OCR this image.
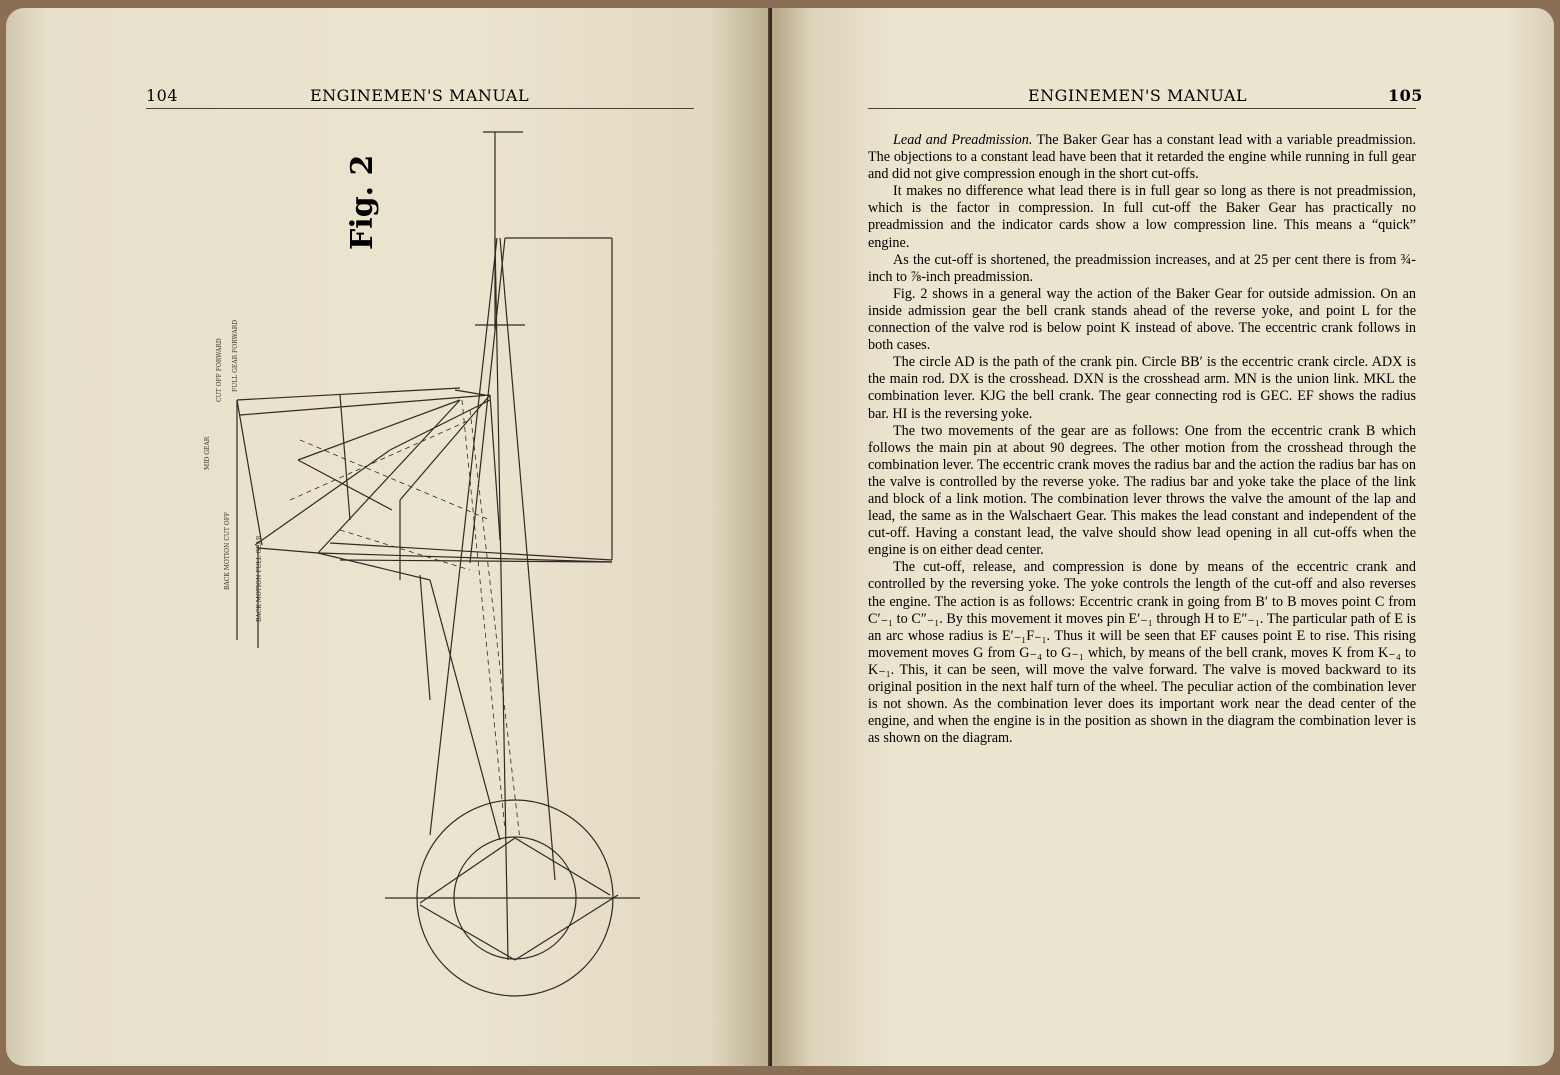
104	ENGINEMEN'S MANUAL
Fig. 2
CUT OFF FORWARD FULL GEAR FORWARD
MID GEAR
BACK MOTION CUT OFF	BACK MOTION FULL GEAR
ENGINEMEN'S MANUAL	105

Lead and Preadmission. The Baker Gear has a constant lead with a variable preadmission. The objections to a constant lead have been that it retarded the engine while running in full gear and did not give compression enough in the short cut-offs.

It makes no difference what lead there is in full gear so long as there is not preadmission, which is the factor in compression. In full cut-off the Baker Gear has practically no preadmission and the indicator cards show a low compression line. This means a “quick” engine.

As the cut-off is shortened, the preadmission increases, and at 25 per cent there is from ¾-inch to ⅞-inch preadmission.

Fig. 2 shows in a general way the action of the Baker Gear for outside admission. On an inside admission gear the bell crank stands ahead of the reverse yoke, and point L for the connection of the valve rod is below point K instead of above. The eccentric crank follows in both cases.

The circle AD is the path of the crank pin. Circle BB′ is the eccentric crank circle. ADX is the main rod. DX is the crosshead. DXN is the crosshead arm. MN is the union link. MKL the combination lever. KJG the bell crank. The gear connecting rod is GEC. EF shows the radius bar. HI is the reversing yoke.

The two movements of the gear are as follows: One from the eccentric crank B which follows the main pin at about 90 degrees. The other motion from the crosshead through the combination lever. The eccentric crank moves the radius bar and the action the radius bar has on the valve is controlled by the reverse yoke. The radius bar and yoke take the place of the link and block of a link motion. The combination lever throws the valve the amount of the lap and lead, the same as in the Walschaert Gear. This makes the lead constant and independent of the cut-off. Having a constant lead, the valve should show lead opening in all cut-offs when the engine is on either dead center.

The cut-off, release, and compression is done by means of the eccentric crank and controlled by the reversing yoke. The yoke controls the length of the cut-off and also reverses the engine. The action is as follows: Eccentric crank in going from B′ to B moves point C from C′₋₁ to C″₋₁. By this movement it moves pin E′₋₁ through H to E″₋₁. The particular path of E is an arc whose radius is E′₋₁F₋₁. Thus it will be seen that EF causes point E to rise. This rising movement moves G from G₋₄ to G₋₁ which, by means of the bell crank, moves K from K₋₄ to K₋₁. This, it can be seen, will move the valve forward. The valve is moved backward to its original position in the next half turn of the wheel. The peculiar action of the combination lever is not shown. As the combination lever does its important work near the dead center of the engine, and when the engine is in the position as shown in the diagram the combination lever is as shown on the diagram.
